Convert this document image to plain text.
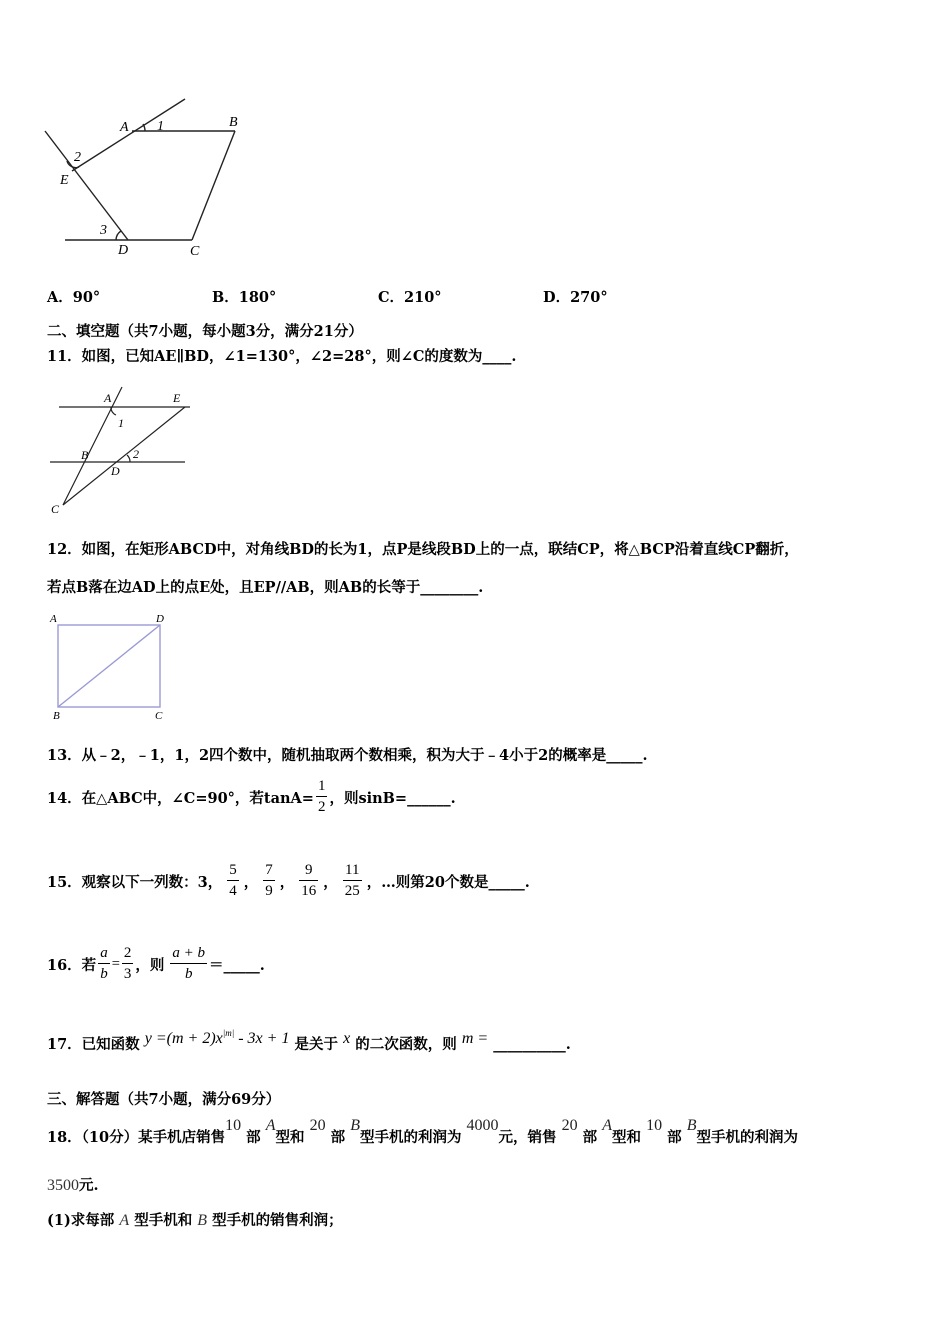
A 1	B
2
E
3
D	C
A．90°	B．180°	C．210°	D．270°
二、填空题（共7小题，每小题3分，满分21分）
11．如图，已知AE∥BD，∠1=130°，∠2=28°，则∠C的度数为____.
A	E
1
B	2
D
C
12．如图，在矩形ABCD中，对角线BD的长为1，点P是线段BD上的一点，联结CP，将△BCP沿着直线CP翻折，
若点B落在边AD上的点E处，且EP//AB，则AB的长等于________.
A	D
B	C
13．从﹣2，﹣1，1，2四个数中，随机抽取两个数相乘，积为大于﹣4小于2的概率是_____.
14．在△ABC中，∠C=90°，若$\tan A= \frac{1}{2}$ ，则sinB=______.
15．观察以下一列数：3， $\frac{5}{4}$ ， $\frac{7}{9}$ ， $\frac{9}{16}$ ， $\frac{11}{25}$ ，…则第20个数是_____.
16．若 $\frac{a}{b} = \frac{2}{3}$ ，则 $\frac{a + b}{b}$ ＝_____.
17．已知函数 $y =(m + 2)x^{|m|} - 3x + 1$ 是关于 x 的二次函数，则 m = __________.
三、解答题（共7小题，满分69分）
18．（10分）某手机店销售10 部 A型和 20 部 B型手机的利润为 4000元，销售 20 部 A型和 10 部 B型手机的利润为
3500元.
(1)求每部 A 型手机和 B 型手机的销售利润；
